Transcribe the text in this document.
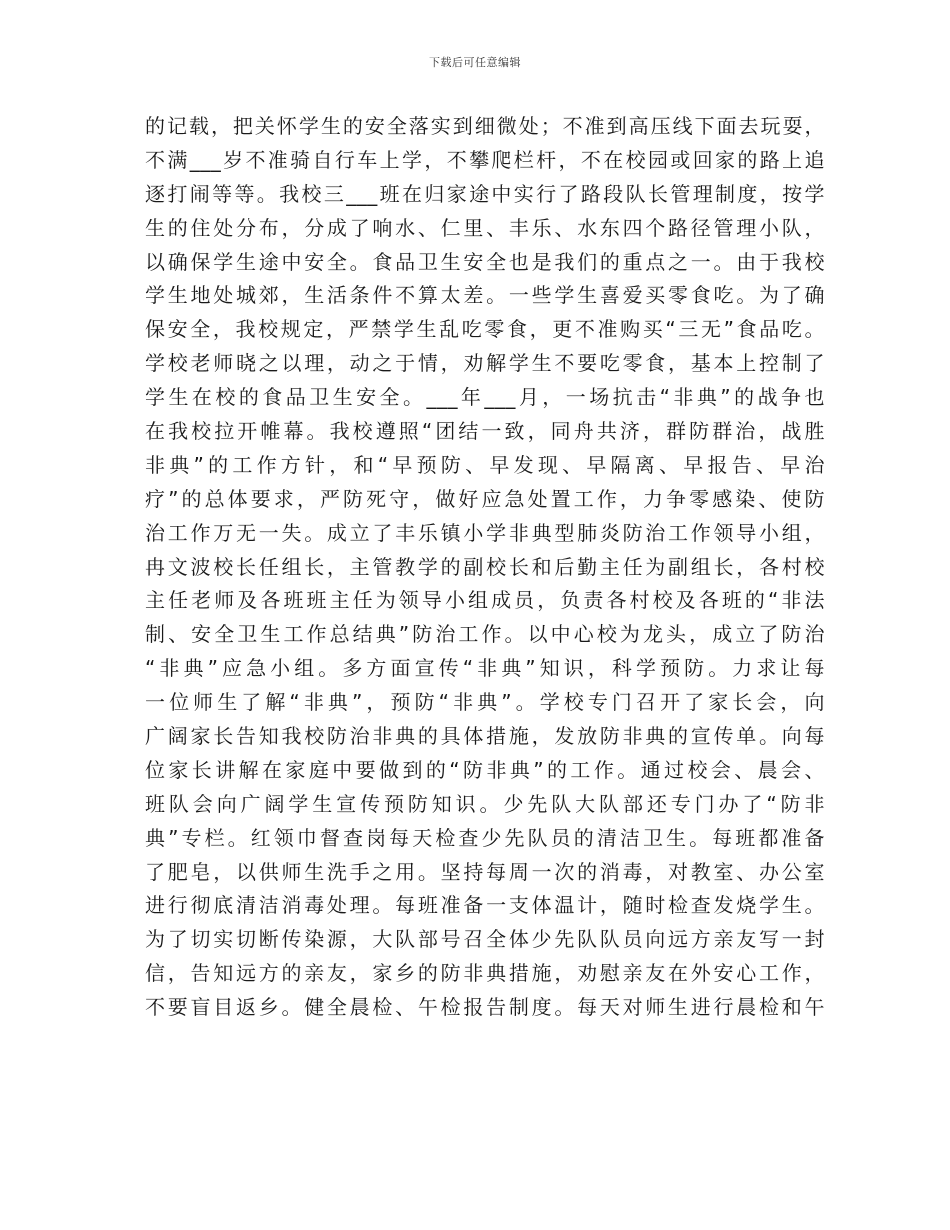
下载后可任意编辑
的记载，把关怀学生的安全落实到细微处；不准到高压线下面去玩耍，
不满___岁不准骑自行车上学，不攀爬栏杆，不在校园或回家的路上追
逐打闹等等。我校三___班在归家途中实行了路段队长管理制度，按学
生的住处分布，分成了响水、仁里、丰乐、水东四个路径管理小队，
以确保学生途中安全。食品卫生安全也是我们的重点之一。由于我校
学生地处城郊，生活条件不算太差。一些学生喜爱买零食吃。为了确
保安全，我校规定，严禁学生乱吃零食，更不准购买“三无”食品吃。
学校老师晓之以理，动之于情，劝解学生不要吃零食，基本上控制了
学生在校的食品卫生安全。___年___月，一场抗击“非典”的战争也
在我校拉开帷幕。我校遵照“团结一致，同舟共济，群防群治，战胜
非典”的工作方针，和“早预防、早发现、早隔离、早报告、早治
疗”的总体要求，严防死守，做好应急处置工作，力争零感染、使防
治工作万无一失。成立了丰乐镇小学非典型肺炎防治工作领导小组，
冉文波校长任组长，主管教学的副校长和后勤主任为副组长，各村校
主任老师及各班班主任为领导小组成员，负责各村校及各班的“非法
制、安全卫生工作总结典”防治工作。以中心校为龙头，成立了防治
“非典”应急小组。多方面宣传“非典”知识，科学预防。力求让每
一位师生了解“非典”，预防“非典”。学校专门召开了家长会，向
广阔家长告知我校防治非典的具体措施，发放防非典的宣传单。向每
位家长讲解在家庭中要做到的“防非典”的工作。通过校会、晨会、
班队会向广阔学生宣传预防知识。少先队大队部还专门办了“防非
典”专栏。红领巾督查岗每天检查少先队员的清洁卫生。每班都准备
了肥皂，以供师生洗手之用。坚持每周一次的消毒，对教室、办公室
进行彻底清洁消毒处理。每班准备一支体温计，随时检查发烧学生。
为了切实切断传染源，大队部号召全体少先队队员向远方亲友写一封
信，告知远方的亲友，家乡的防非典措施，劝慰亲友在外安心工作，
不要盲目返乡。健全晨检、午检报告制度。每天对师生进行晨检和午
